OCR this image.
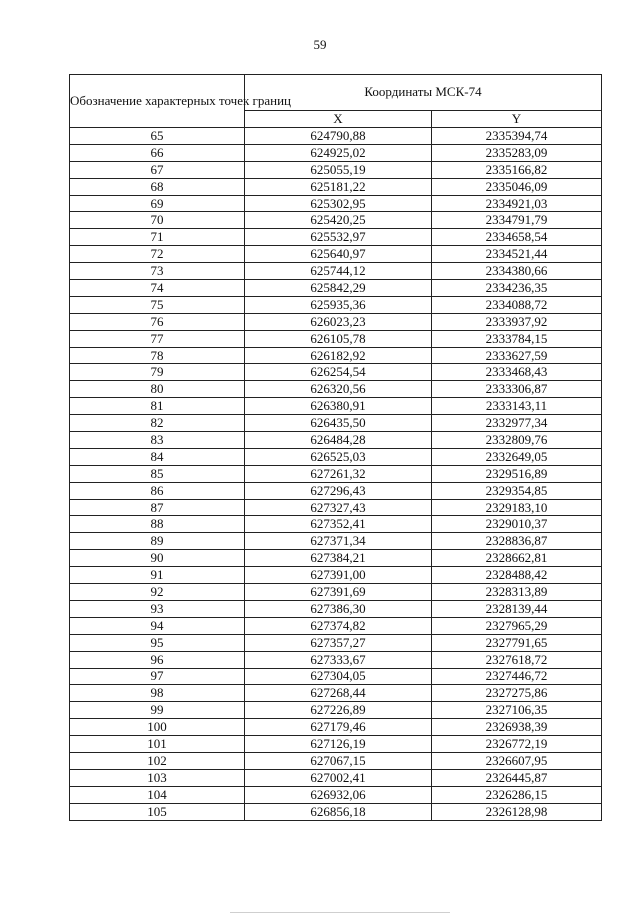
59
Обозначение характерных точек границ	Координаты МСК-74	
	X	Y
65	624790,88	2335394,74
66	624925,02	2335283,09
67	625055,19	2335166,82
68	625181,22	2335046,09
69	625302,95	2334921,03
70	625420,25	2334791,79
71	625532,97	2334658,54
72	625640,97	2334521,44
73	625744,12	2334380,66
74	625842,29	2334236,35
75	625935,36	2334088,72
76	626023,23	2333937,92
77	626105,78	2333784,15
78	626182,92	2333627,59
79	626254,54	2333468,43
80	626320,56	2333306,87
81	626380,91	2333143,11
82	626435,50	2332977,34
83	626484,28	2332809,76
84	626525,03	2332649,05
85	627261,32	2329516,89
86	627296,43	2329354,85
87	627327,43	2329183,10
88	627352,41	2329010,37
89	627371,34	2328836,87
90	627384,21	2328662,81
91	627391,00	2328488,42
92	627391,69	2328313,89
93	627386,30	2328139,44
94	627374,82	2327965,29
95	627357,27	2327791,65
96	627333,67	2327618,72
97	627304,05	2327446,72
98	627268,44	2327275,86
99	627226,89	2327106,35
100	627179,46	2326938,39
101	627126,19	2326772,19
102	627067,15	2326607,95
103	627002,41	2326445,87
104	626932,06	2326286,15
105	626856,18	2326128,98
